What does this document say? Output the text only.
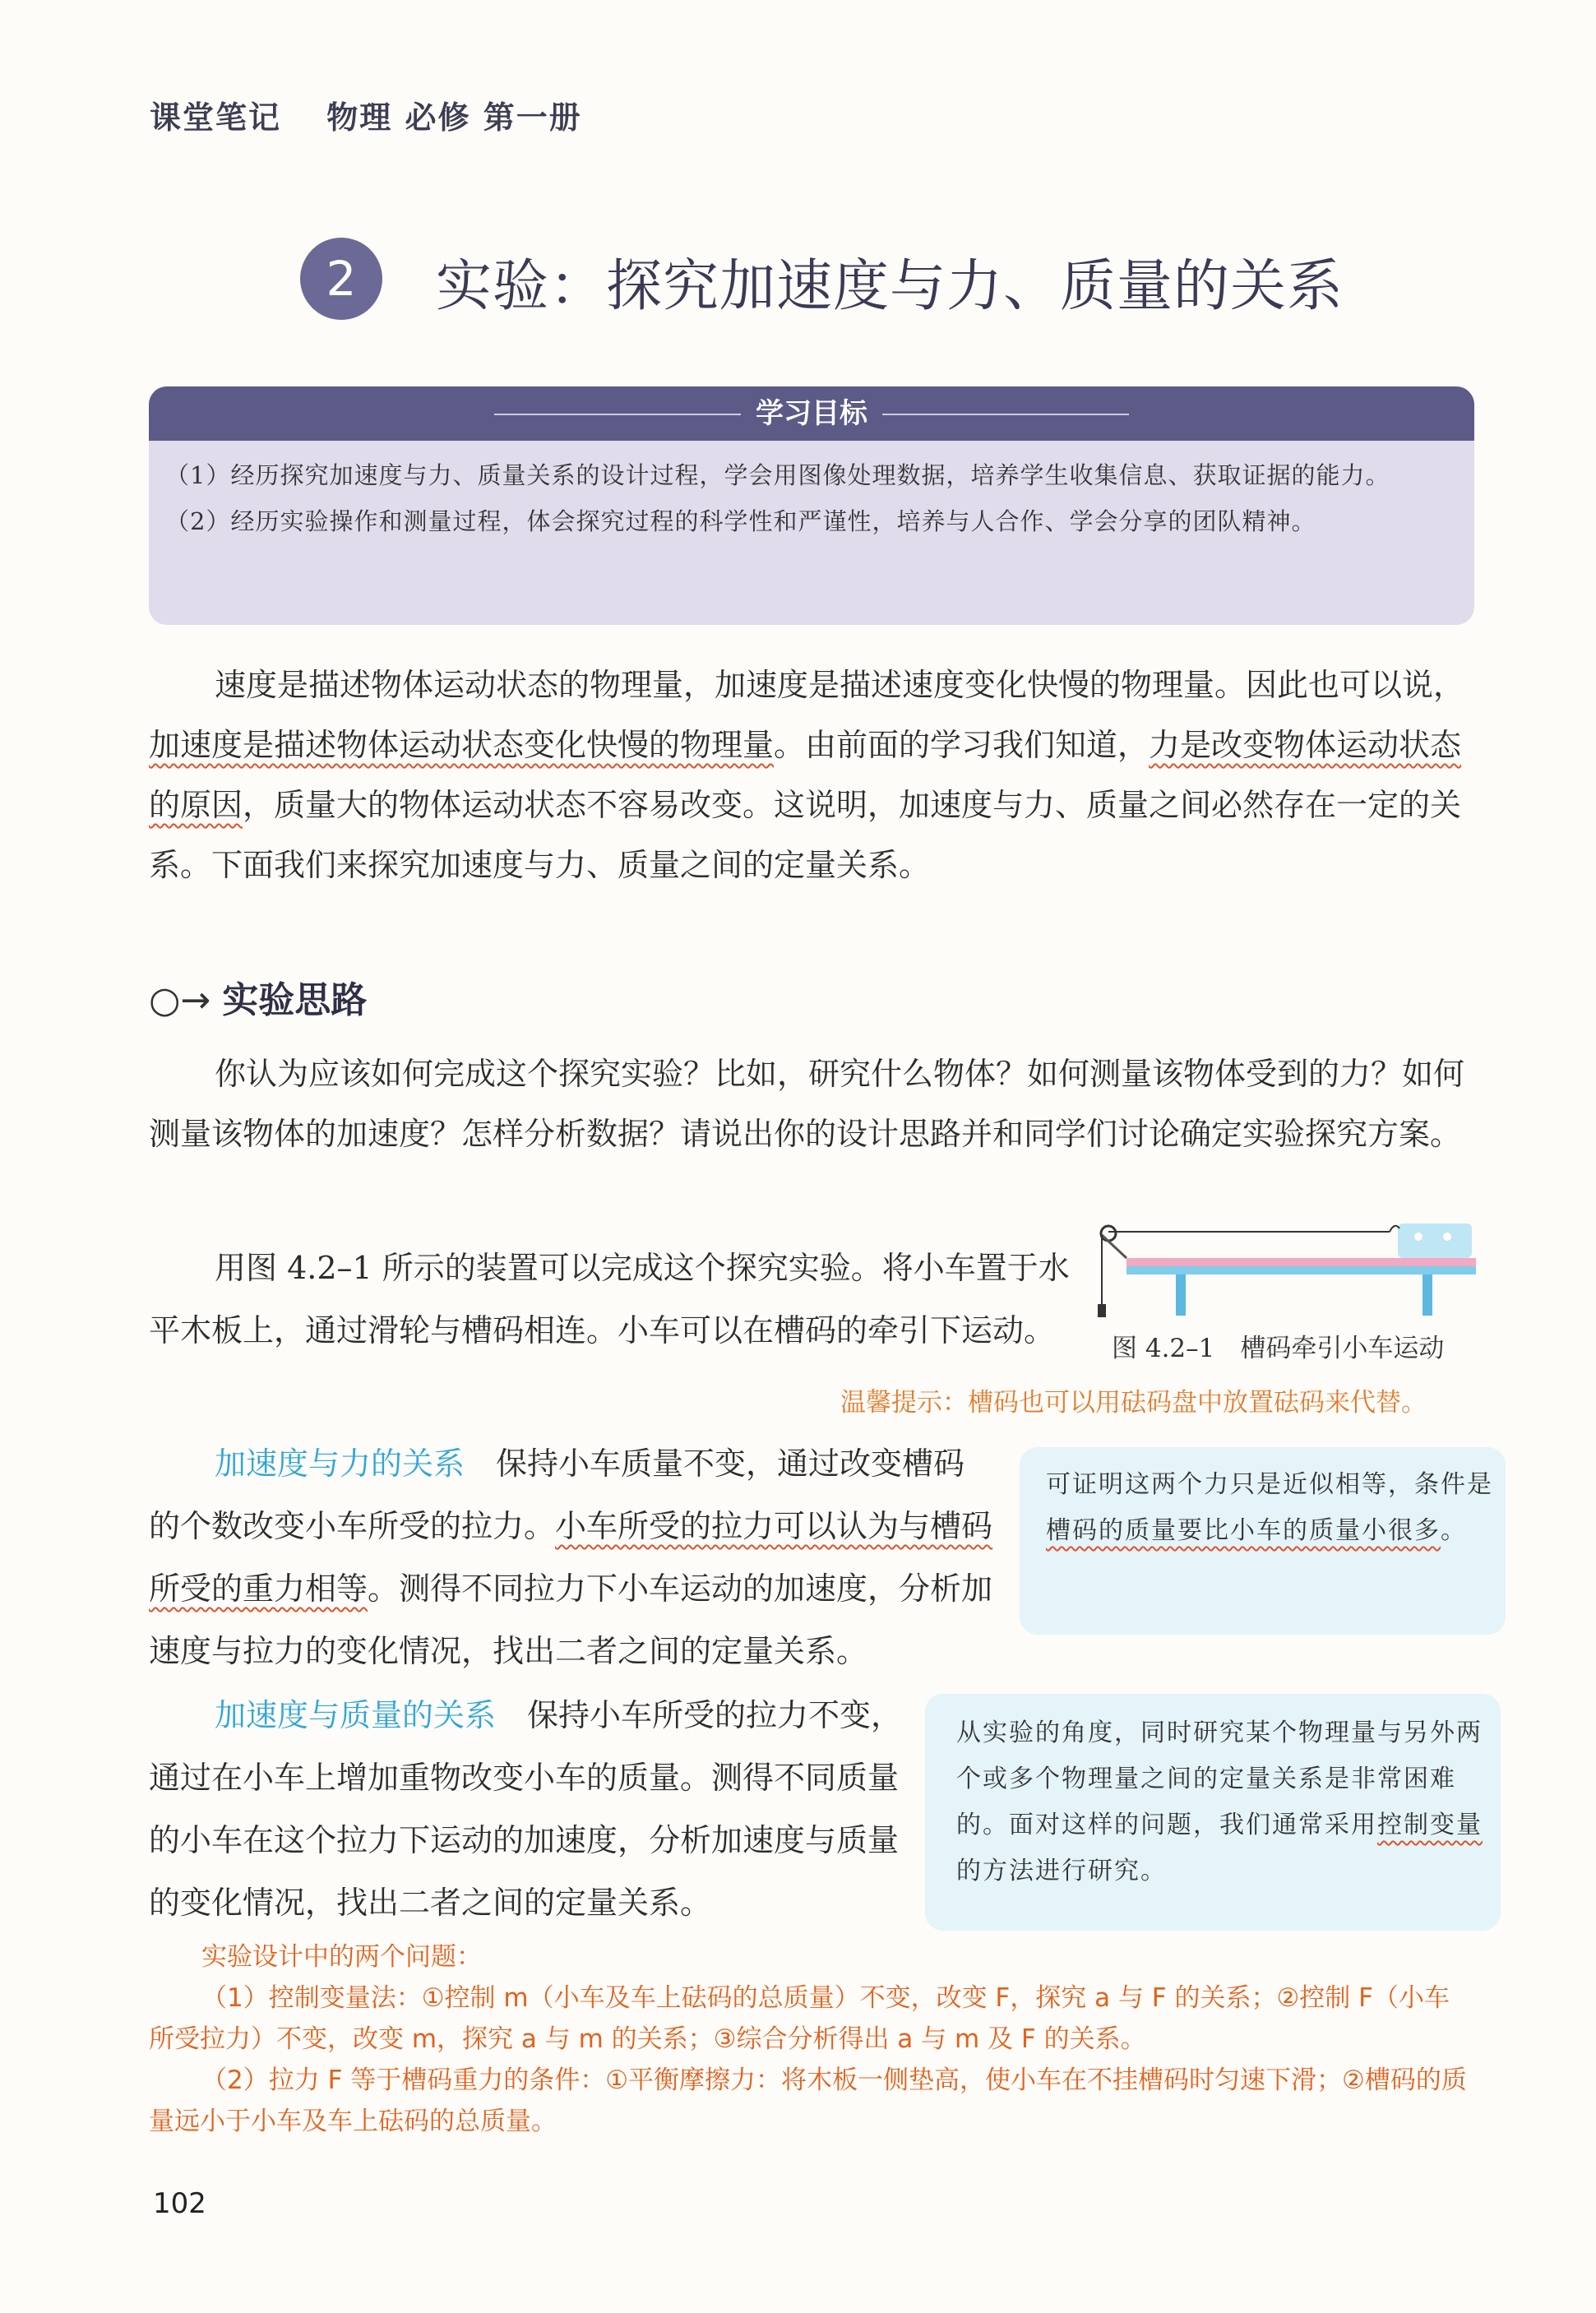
课堂笔记　 物理 必修 第一册
2	实验：探究加速度与力、质量的关系
学习目标
（1）经历探究加速度与力、质量关系的设计过程，学会用图像处理数据，培养学生收集信息、获取证据的能力。
（2）经历实验操作和测量过程，体会探究过程的科学性和严谨性，培养与人合作、学会分享的团队精神。
速度是描述物体运动状态的物理量，加速度是描述速度变化快慢的物理量。因此也可以说，加速度是描述物体运动状态变化快慢的物理量。由前面的学习我们知道，力是改变物体运动状态的原因，质量大的物体运动状态不容易改变。这说明，加速度与力、质量之间必然存在一定的关系。下面我们来探究加速度与力、质量之间的定量关系。
○→ 实验思路
你认为应该如何完成这个探究实验？比如，研究什么物体？如何测量该物体受到的力？如何测量该物体的加速度？怎样分析数据？请说出你的设计思路并和同学们讨论确定实验探究方案。
用图 4.2–1 所示的装置可以完成这个探究实验。将小车置于水平木板上，通过滑轮与槽码相连。小车可以在槽码的牵引下运动。	图 4.2–1　槽码牵引小车运动
温馨提示：槽码也可以用砝码盘中放置砝码来代替。
加速度与力的关系　保持小车质量不变，通过改变槽码的个数改变小车所受的拉力。小车所受的拉力可以认为与槽码所受的重力相等。测得不同拉力下小车运动的加速度，分析加速度与拉力的变化情况，找出二者之间的定量关系。
可证明这两个力只是近似相等，条件是槽码的质量要比小车的质量小很多。
加速度与质量的关系　保持小车所受的拉力不变，通过在小车上增加重物改变小车的质量。测得不同质量的小车在这个拉力下运动的加速度，分析加速度与质量的变化情况，找出二者之间的定量关系。
从实验的角度，同时研究某个物理量与另外两个或多个物理量之间的定量关系是非常困难的。面对这样的问题，我们通常采用控制变量的方法进行研究。
实验设计中的两个问题：
（1）控制变量法：①控制 m（小车及车上砝码的总质量）不变，改变 F，探究 a 与 F 的关系；②控制 F（小车所受拉力）不变，改变 m，探究 a 与 m 的关系；③综合分析得出 a 与 m 及 F 的关系。
（2）拉力 F 等于槽码重力的条件：①平衡摩擦力：将木板一侧垫高，使小车在不挂槽码时匀速下滑；②槽码的质量远小于小车及车上砝码的总质量。
102
